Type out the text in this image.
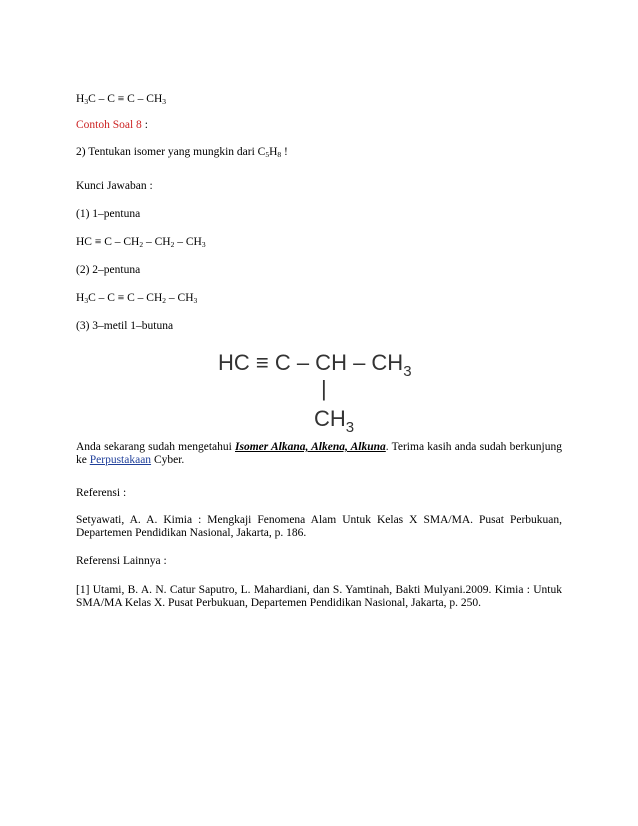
$H_3C - C \equiv C - CH_3$
Contoh Soal 8 :
2) Tentukan isomer yang mungkin dari $C_5H_8$ !
Kunci Jawaban :
(1) 1–pentuna
HC ≡ C – $CH_2 - CH_2 - CH_3$
(2) 2–pentuna
$H_3C - C \equiv C - CH_2 - CH_3$
(3) 3–metil 1–butuna
HC ≡ C – CH – $CH_3$
|
$CH_3$
Anda sekarang sudah mengetahui Isomer Alkana, Alkena, Alkuna. Terima kasih anda sudah berkunjung ke Perpustakaan Cyber.
Referensi :
Setyawati, A. A. Kimia : Mengkaji Fenomena Alam Untuk Kelas X SMA/MA. Pusat Perbukuan, Departemen Pendidikan Nasional, Jakarta, p. 186.
Referensi Lainnya :
[1] Utami, B. A. N. Catur Saputro, L. Mahardiani, dan S. Yamtinah, Bakti Mulyani.2009. Kimia : Untuk SMA/MA Kelas X. Pusat Perbukuan, Departemen Pendidikan Nasional, Jakarta, p. 250.
